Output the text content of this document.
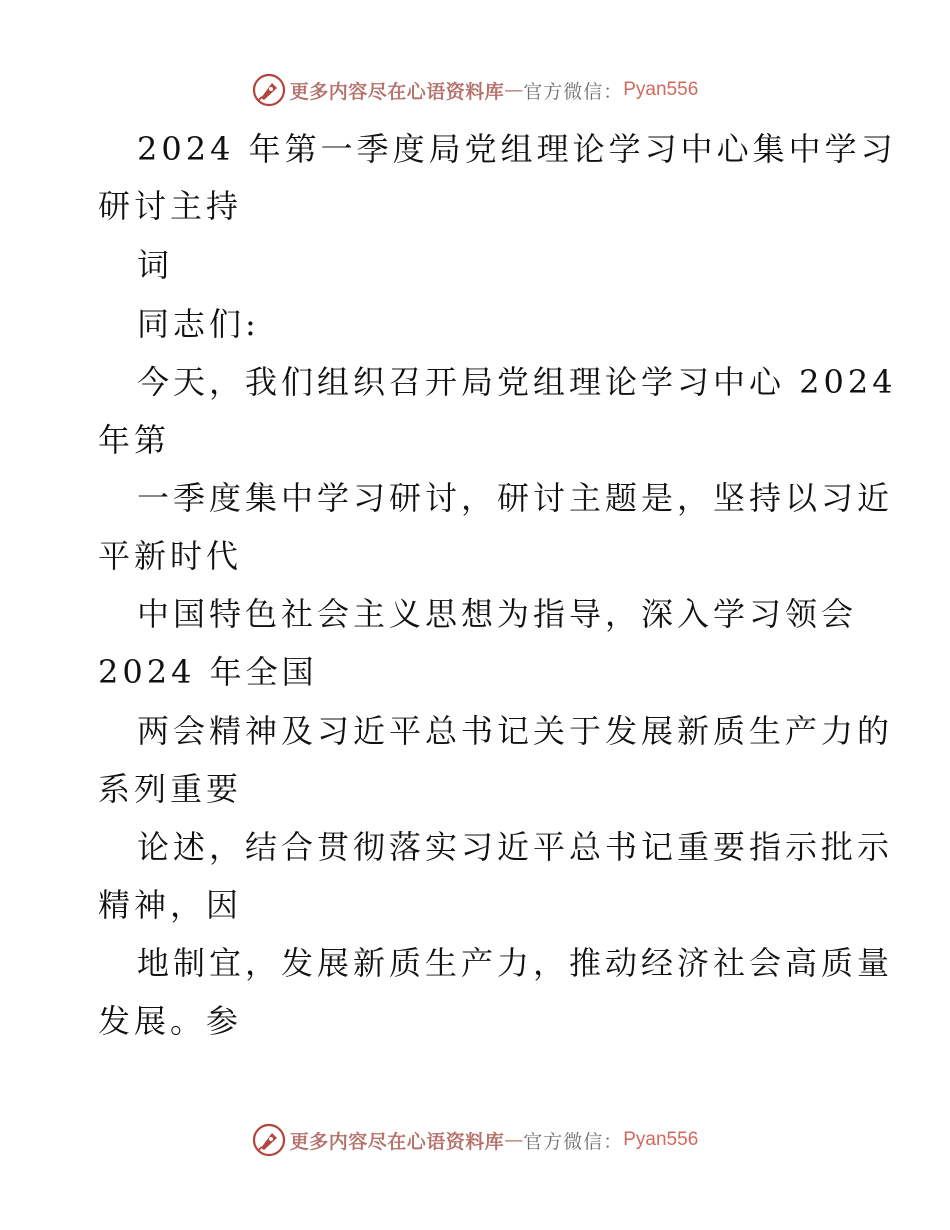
更多内容尽在心语资料库 — 官方微信： Pyan556
2024 年第一季度局党组理论学习中心集中学习
研讨主持
词
同志们:
今天，我们组织召开局党组理论学习中心 2024
年第
一季度集中学习研讨，研讨主题是，坚持以习近
平新时代
中国特色社会主义思想为指导，深入学习领会
2024 年全国
两会精神及习近平总书记关于发展新质生产力的
系列重要
论述，结合贯彻落实习近平总书记重要指示批示
精神，因
地制宜，发展新质生产力，推动经济社会高质量
发展。参
更多内容尽在心语资料库 — 官方微信： Pyan556
